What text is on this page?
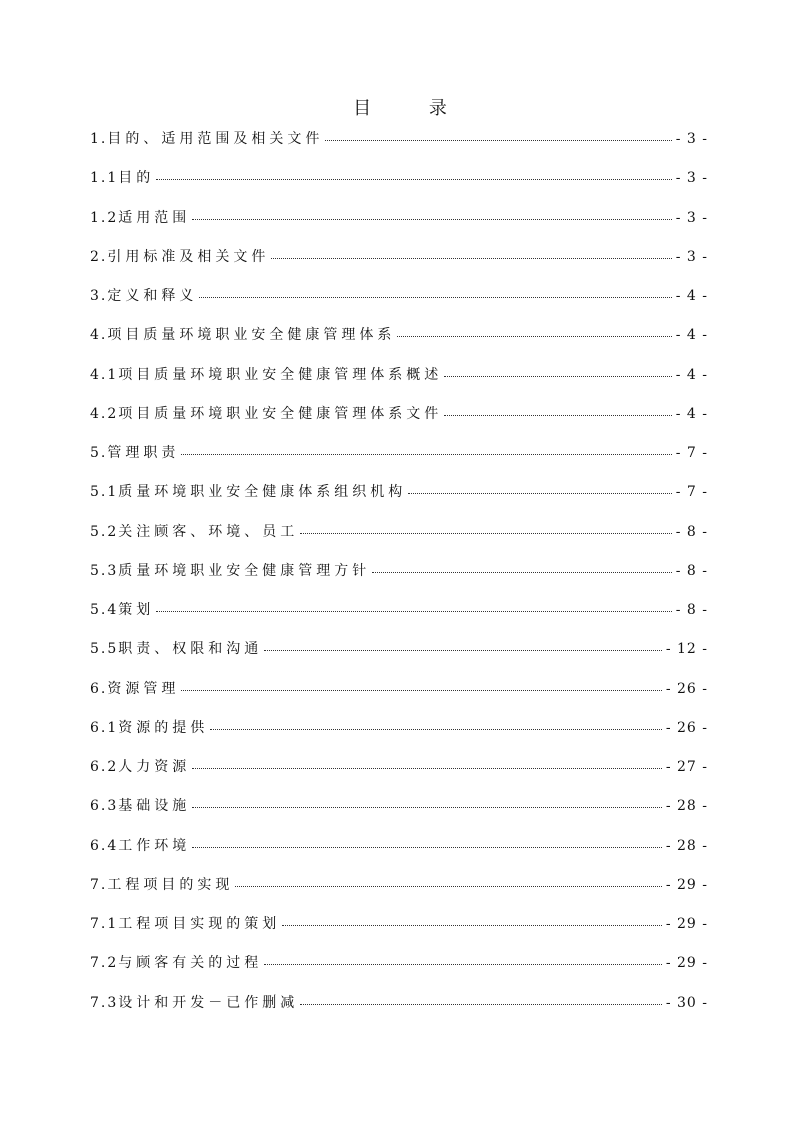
目 录
1. 目的、适用范围及相关文件	- 3 -
1.1 目的	- 3 -
1.2 适用范围	- 3 -
2. 引用标准及相关文件	- 3 -
3. 定义和释义	- 4 -
4. 项目质量环境职业安全健康管理体系	- 4 -
4.1 项目质量环境职业安全健康管理体系概述	- 4 -
4.2 项目质量环境职业安全健康管理体系文件	- 4 -
5. 管理职责	- 7 -
5.1 质量环境职业安全健康体系组织机构	- 7 -
5.2 关注顾客、环境、员工	- 8 -
5.3 质量环境职业安全健康管理方针	- 8 -
5.4 策划	- 8 -
5.5 职责、权限和沟通	- 12 -
6. 资源管理	- 26 -
6.1 资源的提供	- 26 -
6.2 人力资源	- 27 -
6.3 基础设施	- 28 -
6.4 工作环境	- 28 -
7. 工程项目的实现	- 29 -
7.1 工程项目实现的策划	- 29 -
7.2 与顾客有关的过程	- 29 -
7.3 设计和开发－已作删减	- 30 -
